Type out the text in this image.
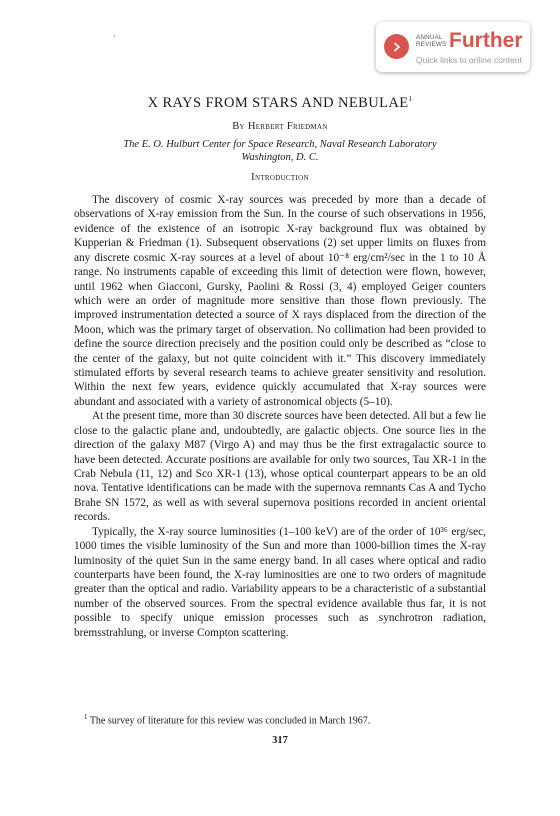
`	ANNUAL REVIEWS Further
Quick links to online content
X RAYS FROM STARS AND NEBULAE$^1$
By Herbert Friedman
The E. O. Hulburt Center for Space Research, Naval Research Laboratory
Washington, D. C.
Introduction

The discovery of cosmic X-ray sources was preceded by more than a decade of observations of X-ray emission from the Sun. In the course of such observations in 1956, evidence of the existence of an isotropic X-ray background flux was obtained by Kupperian & Friedman (1). Subsequent observations (2) set upper limits on fluxes from any discrete cosmic X-ray sources at a level of about 10⁻⁸ erg/cm²/sec in the 1 to 10 Å range. No instruments capable of exceeding this limit of detection were flown, however, until 1962 when Giacconi, Gursky, Paolini & Rossi (3, 4) employed Geiger counters which were an order of magnitude more sensitive than those flown previously. The improved instrumentation detected a source of X rays displaced from the direction of the Moon, which was the primary target of observation. No collimation had been provided to define the source direction precisely and the position could only be described as “close to the center of the galaxy, but not quite coincident with it.” This discovery immediately stimulated efforts by several research teams to achieve greater sensitivity and resolution. Within the next few years, evidence quickly accumulated that X-ray sources were abundant and associated with a variety of astronomical objects (5–10).

At the present time, more than 30 discrete sources have been detected. All but a few lie close to the galactic plane and, undoubtedly, are galactic objects. One source lies in the direction of the galaxy M87 (Virgo A) and may thus be the first extragalactic source to have been detected. Accurate positions are available for only two sources, Tau XR-1 in the Crab Nebula (11, 12) and Sco XR-1 (13), whose optical counterpart appears to be an old nova. Tentative identifications can be made with the supernova remnants Cas A and Tycho Brahe SN 1572, as well as with several supernova positions recorded in ancient oriental records.

Typically, the X-ray source luminosities (1–100 keV) are of the order of 10³⁶ erg/sec, 1000 times the visible luminosity of the Sun and more than 1000-billion times the X-ray luminosity of the quiet Sun in the same energy band. In all cases where optical and radio counterparts have been found, the X-ray luminosities are one to two orders of magnitude greater than the optical and radio. Variability appears to be a characteristic of a substantial number of the observed sources. From the spectral evidence available thus far, it is not possible to specify unique emission processes such as synchrotron radiation, bremsstrahlung, or inverse Compton scattering.

$^1$ The survey of literature for this review was concluded in March 1967.
317
